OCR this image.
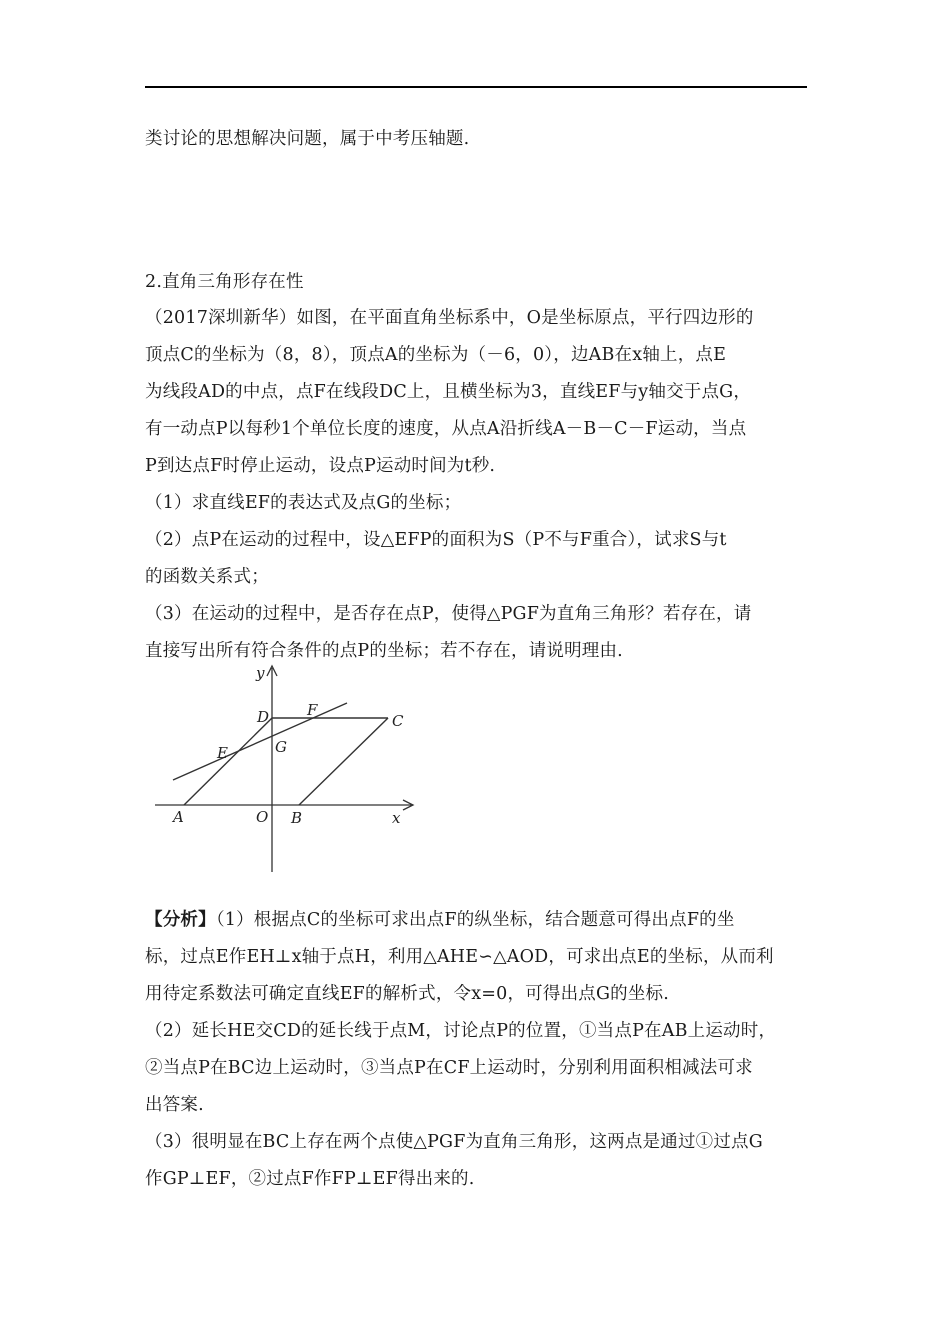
类讨论的思想解决问题，属于中考压轴题.
2.直角三角形存在性
（2017深圳新华）如图，在平面直角坐标系中，O是坐标原点，平行四边形的
顶点C的坐标为（8，8），顶点A的坐标为（－6，0），边AB在x轴上，点E
为线段AD的中点，点F在线段DC上，且横坐标为3，直线EF与y轴交于点G，
有一动点P以每秒1个单位长度的速度，从点A沿折线A－B－C－F运动，当点
P到达点F时停止运动，设点P运动时间为t秒.
（1）求直线EF的表达式及点G的坐标；
（2）点P在运动的过程中，设△EFP的面积为S（P不与F重合），试求S与t
的函数关系式；
（3）在运动的过程中，是否存在点P，使得△PGF为直角三角形？若存在，请
直接写出所有符合条件的点P的坐标；若不存在，请说明理由.
y
x
D	F
C
E	G
A	O B
【分析】（1）根据点C的坐标可求出点F的纵坐标，结合题意可得出点F的坐
标，过点E作EH⊥x轴于点H，利用△AHE∽△AOD，可求出点E的坐标，从而利
用待定系数法可确定直线EF的解析式，令x=0，可得出点G的坐标.
（2）延长HE交CD的延长线于点M，讨论点P的位置，①当点P在AB上运动时，
②当点P在BC边上运动时，③当点P在CF上运动时，分别利用面积相减法可求
出答案.
（3）很明显在BC上存在两个点使△PGF为直角三角形，这两点是通过①过点G
作GP⊥EF，②过点F作FP⊥EF得出来的.
